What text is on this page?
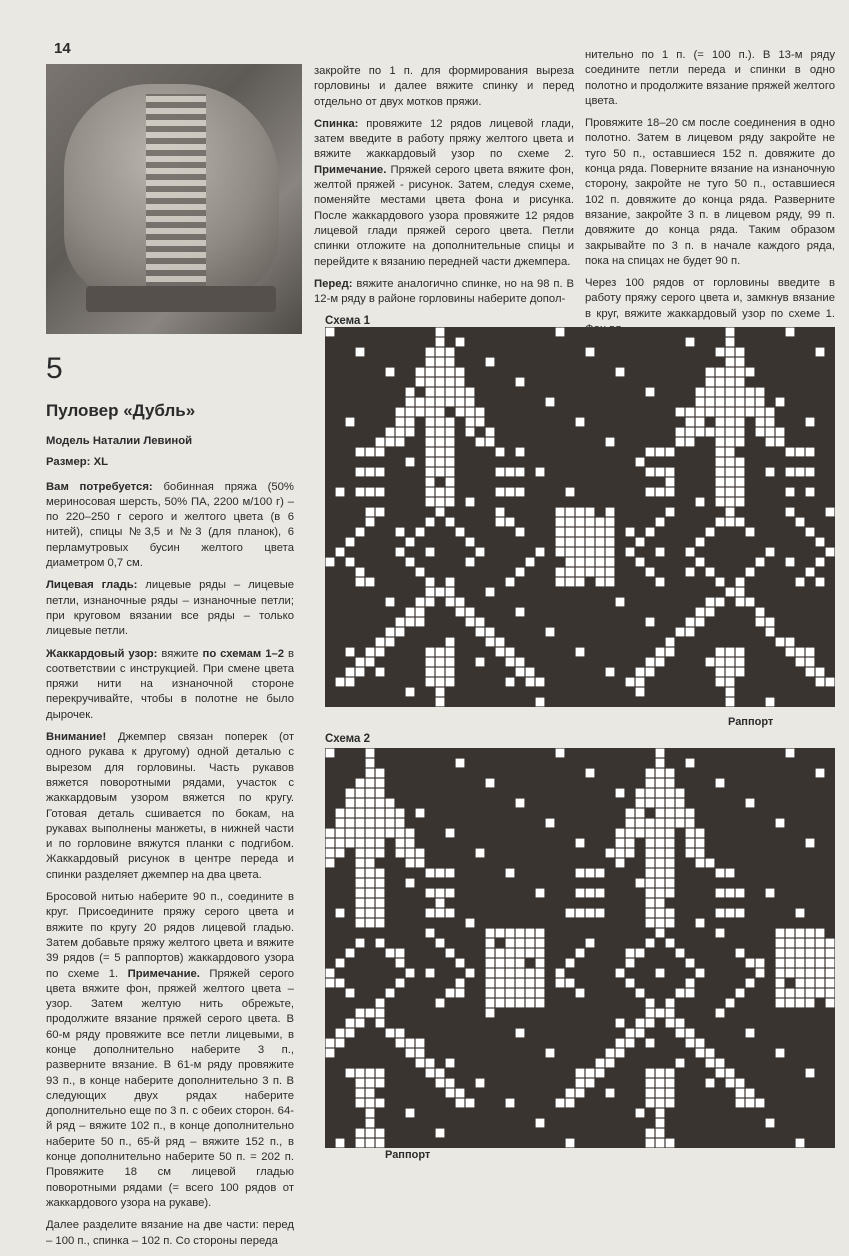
14
5
Пуловер «Дубль»
Модель Наталии Левиной
Размер: XL

Вам потребуется: бобинная пряжа (50% мериносовая шерсть, 50% ПА, 2200 м/100 г) – по 220–250 г серого и желтого цвета (в 6 нитей), спицы №3,5 и №3 (для планок), 6 перламутровых бусин желтого цвета диаметром 0,7 см.

Лицевая гладь: лицевые ряды – лицевые петли, изнаночные ряды – изнаночные петли; при круговом вязании все ряды – только лицевые петли.

Жаккардовый узор: вяжите по схемам 1–2 в соответствии с инструкцией. При смене цвета пряжи нити на изнаночной стороне перекручивайте, чтобы в полотне не было дырочек.

Внимание! Джемпер связан поперек (от одного рукава к другому) одной деталью с вырезом для горловины. Часть рукавов вяжется поворотными рядами, участок с жаккардовым узором вяжется по кругу. Готовая деталь сшивается по бокам, на рукавах выполнены манжеты, в нижней части и по горловине вяжутся планки с подгибом. Жаккардовый рисунок в центре переда и спинки разделяет джемпер на два цвета.

Бросовой нитью наберите 90 п., соедините в круг. Присоедините пряжу серого цвета и вяжите по кругу 20 рядов лицевой гладью. Затем добавьте пряжу желтого цвета и вяжите 39 рядов (= 5 раппортов) жаккардового узора по схеме 1. Примечание. Пряжей серого цвета вяжите фон, пряжей желтого цвета – узор. Затем желтую нить обрежьте, продолжите вязание пряжей серого цвета. В 60-м ряду провяжите все петли лицевыми, в конце дополнительно наберите 3 п., разверните вязание. В 61-м ряду провяжите 93 п., в конце наберите дополнительно 3 п. В следующих двух рядах наберите дополнительно еще по 3 п. с обеих сторон. 64-й ряд – вяжите 102 п., в конце дополнительно наберите 50 п., 65-й ряд – вяжите 152 п., в конце дополнительно наберите 50 п. = 202 п. Провяжите 18 см лицевой гладью поворотными рядами (= всего 100 рядов от жаккардового узора на рукаве).

Далее разделите вязание на две части: перед – 100 п., спинка – 102 п. Со стороны переда

закройте по 1 п. для формирования выреза горловины и далее вяжите спинку и перед отдельно от двух мотков пряжи.

Спинка: провяжите 12 рядов лицевой глади, затем введите в работу пряжу желтого цвета и вяжите жаккардовый узор по схеме 2. Примечание. Пряжей серого цвета вяжите фон, желтой пряжей - рисунок. Затем, следуя схеме, поменяйте местами цвета фона и рисунка. После жаккардового узора провяжите 12 рядов лицевой глади пряжей серого цвета. Петли спинки отложите на дополнительные спицы и перейдите к вязанию передней части джемпера.

Перед: вяжите аналогично спинке, но на 98 п. В 12-м ряду в районе горловины наберите допол-

нительно по 1 п. (= 100 п.). В 13-м ряду соедините петли переда и спинки в одно полотно и продолжите вязание пряжей желтого цвета.

Провяжите 18–20 см после соединения в одно полотно. Затем в лицевом ряду закройте не туго 50 п., оставшиеся 152 п. довяжите до конца ряда. Поверните вязание на изнаночную сторону, закройте не туго 50 п., оставшиеся 102 п. довяжите до конца ряда. Разверните вязание, закройте 3 п. в лицевом ряду, 99 п. довяжите до конца ряда. Таким образом закрывайте по 3 п. в начале каждого ряда, пока на спицах не будет 90 п.

Через 100 рядов от горловины введите в работу пряжу серого цвета и, замкнув вязание в круг, вяжите жаккардовый узор по схеме 1.

Схема 1
Раппорт
Схема 2
Раппорт
